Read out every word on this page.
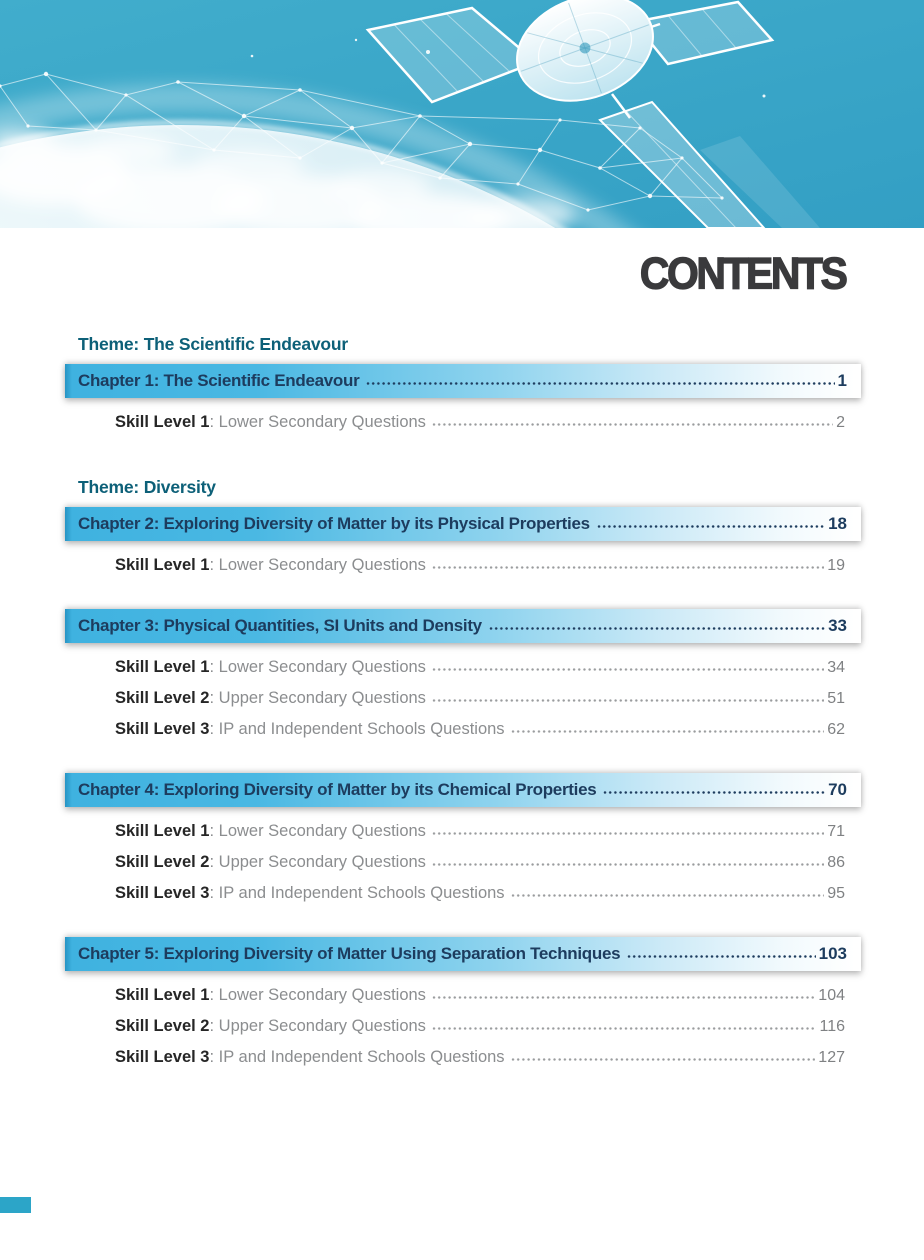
CONTENTS
Theme: The Scientific Endeavour
Chapter 1: The Scientific Endeavour	1
Skill Level 1 : Lower Secondary Questions	2
Theme: Diversity
Chapter 2: Exploring Diversity of Matter by its Physical Properties	18
Skill Level 1 : Lower Secondary Questions	19
Chapter 3: Physical Quantities, SI Units and Density	33
Skill Level 1 : Lower Secondary Questions	34
Skill Level 2 : Upper Secondary Questions	51
Skill Level 3 : IP and Independent Schools Questions	62
Chapter 4: Exploring Diversity of Matter by its Chemical Properties	70
Skill Level 1 : Lower Secondary Questions	71
Skill Level 2 : Upper Secondary Questions	86
Skill Level 3 : IP and Independent Schools Questions	95
Chapter 5: Exploring Diversity of Matter Using Separation Techniques	103
Skill Level 1 : Lower Secondary Questions	104
Skill Level 2 : Upper Secondary Questions	116
Skill Level 3 : IP and Independent Schools Questions	127
